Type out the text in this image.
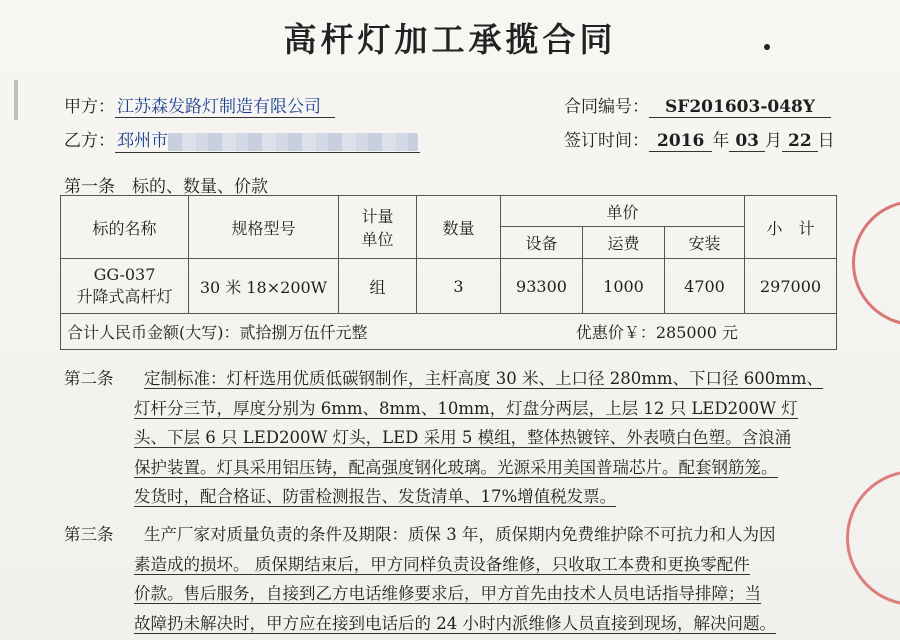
高杆灯加工承揽合同
甲方： 江苏森发路灯制造有限公司
乙方： 邳州市
合同编号： SF201603-048Y
签订时间： 2016 年 03 月 22 日
第一条　标的、数量、价款
标的名称	规格型号	计量单位	数量	单价			小　计
				设备	运费	安装	

GG-037
升降式高杆灯	30 米 18×200W	组	3	93300	1000	4700	297000
合计人民币金额(大写)：贰拾捌万伍仟元整 优惠价￥：285000 元							
第二条 定制标准：灯杆选用优质低碳钢制作，主杆高度 30 米、上口径 280mm、下口径 600mm、
灯杆分三节，厚度分别为 6mm、8mm、10mm，灯盘分两层，上层 12 只 LED200W 灯
头、下层 6 只 LED200W 灯头，LED 采用 5 模组，整体热镀锌、外表喷白色塑。含浪涌
保护装置。灯具采用铝压铸，配高强度钢化玻璃。光源采用美国普瑞芯片。配套钢筋笼。
发货时，配合格证、防雷检测报告、发货清单、17%增值税发票。
第三条 生产厂家对质量负责的条件及期限：质保 3 年，质保期内免费维护除不可抗力和人为因
素造成的损坏。 质保期结束后，甲方同样负责设备维修，只收取工本费和更换零配件
价款。售后服务，自接到乙方电话维修要求后，甲方首先由技术人员电话指导排障；当
故障扔未解决时，甲方应在接到电话后的 24 小时内派维修人员直接到现场，解决问题。
